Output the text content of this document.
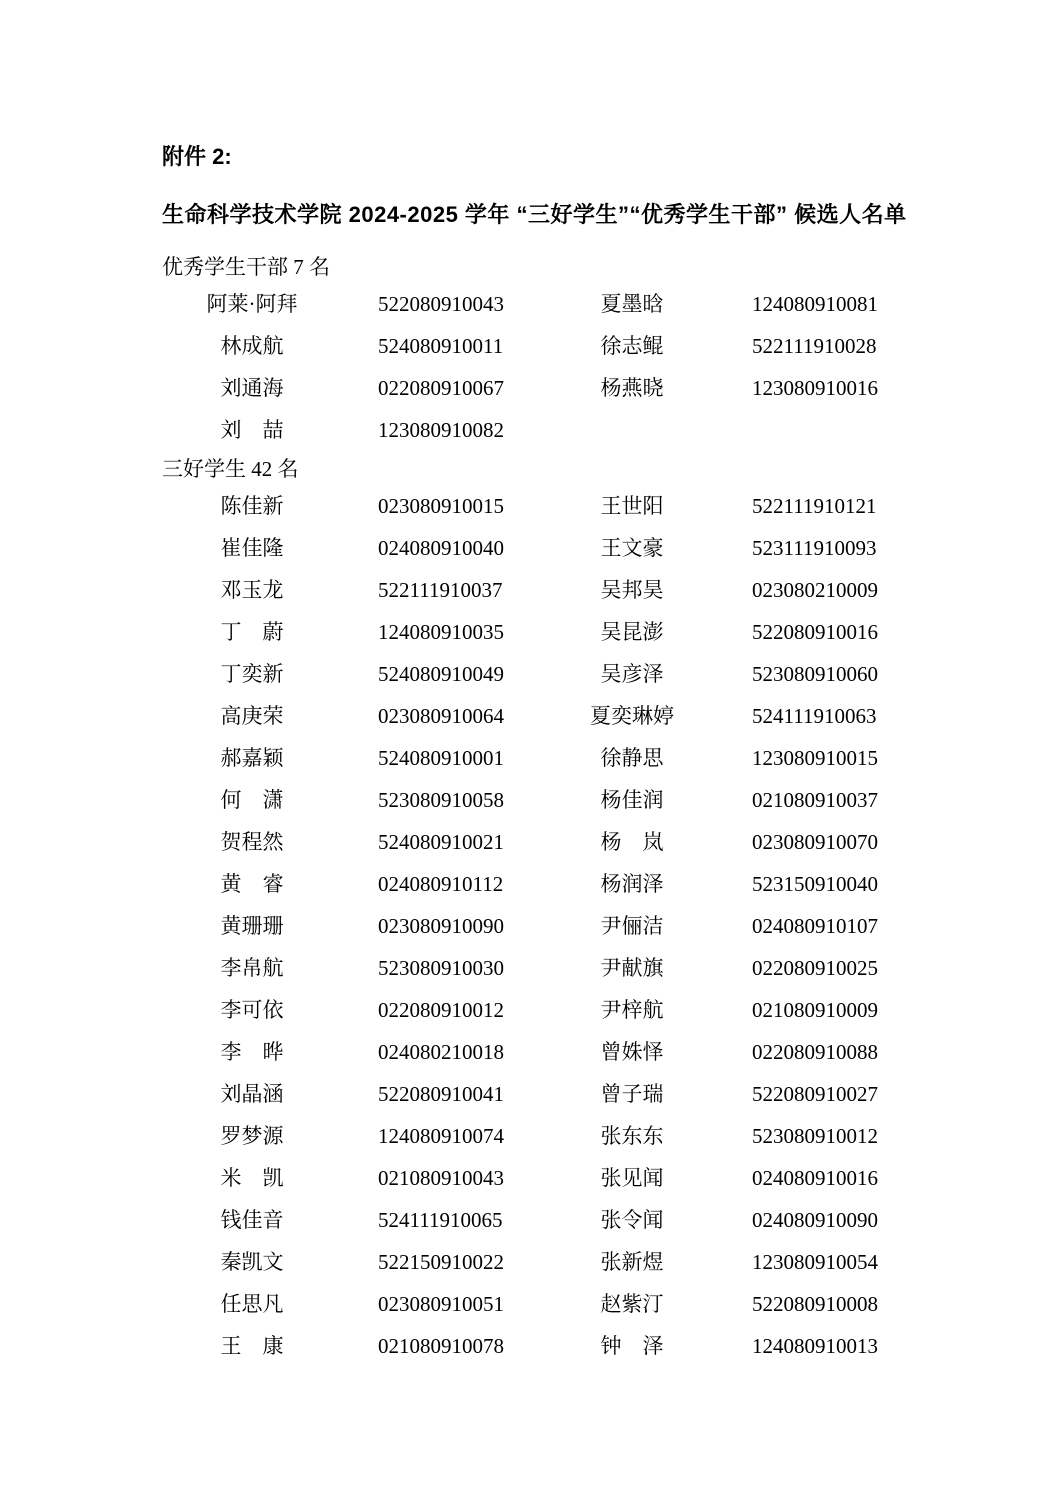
附件 2:
生命科学技术学院 2024-2025 学年 “三好学生”“优秀学生干部” 候选人名单
优秀学生干部 7 名
阿莱·阿拜	522080910043	夏墨晗	124080910081
林成航	524080910011	徐志鲲	522111910028
刘通海	022080910067	杨燕晓	123080910016
刘　喆	123080910082
三好学生 42 名
陈佳新	023080910015	王世阳	522111910121
崔佳隆	024080910040	王文豪	523111910093
邓玉龙	522111910037	吴邦昊	023080210009
丁　蔚	124080910035	吴昆澎	522080910016
丁奕新	524080910049	吴彦泽	523080910060
高庚荣	023080910064	夏奕琳婷	524111910063
郝嘉颖	524080910001	徐静思	123080910015
何　潇	523080910058	杨佳润	021080910037
贺程然	524080910021	杨　岚	023080910070
黄　睿	024080910112	杨润泽	523150910040
黄珊珊	023080910090	尹俪洁	024080910107
李帛航	523080910030	尹献旗	022080910025
李可依	022080910012	尹梓航	021080910009
李　晔	024080210018	曾姝怿	022080910088
刘晶涵	522080910041	曾子瑞	522080910027
罗梦源	124080910074	张东东	523080910012
米　凯	021080910043	张见闻	024080910016
钱佳音	524111910065	张令闻	024080910090
秦凯文	522150910022	张新煜	123080910054
任思凡	023080910051	赵紫汀	522080910008
王　康	021080910078	钟　泽	124080910013
